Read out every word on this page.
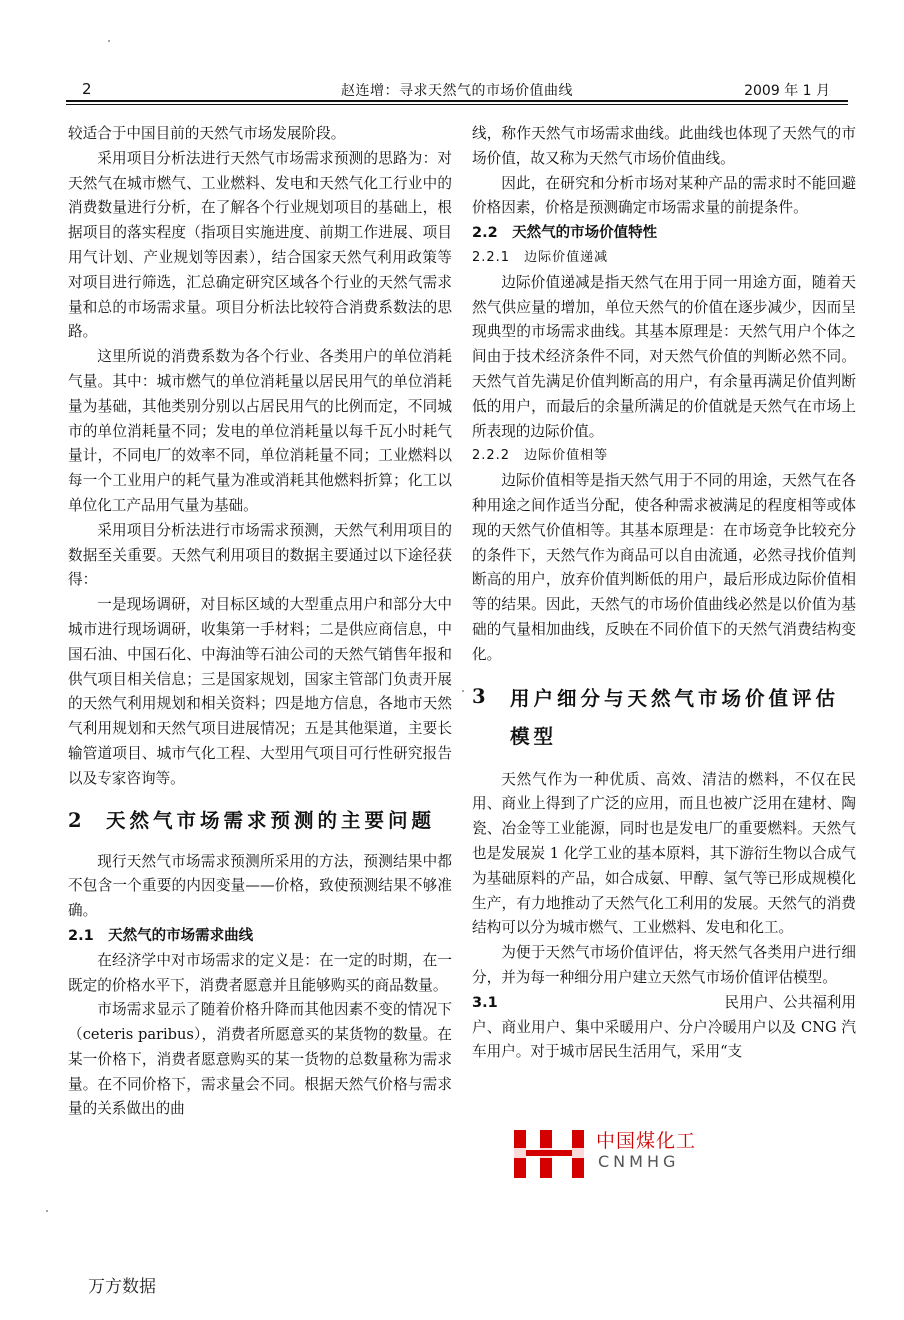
2	赵连增：寻求天然气的市场价值曲线	2009 年 1 月

较适合于中国目前的天然气市场发展阶段。

采用项目分析法进行天然气市场需求预测的思路为：对天然气在城市燃气、工业燃料、发电和天然气化工行业中的消费数量进行分析，在了解各个行业规划项目的基础上，根据项目的落实程度（指项目实施进度、前期工作进展、项目用气计划、产业规划等因素），结合国家天然气利用政策等对项目进行筛选，汇总确定研究区域各个行业的天然气需求量和总的市场需求量。项目分析法比较符合消费系数法的思路。

这里所说的消费系数为各个行业、各类用户的单位消耗气量。其中：城市燃气的单位消耗量以居民用气的单位消耗量为基础，其他类别分别以占居民用气的比例而定，不同城市的单位消耗量不同；发电的单位消耗量以每千瓦小时耗气量计，不同电厂的效率不同，单位消耗量不同；工业燃料以每一个工业用户的耗气量为准或消耗其他燃料折算；化工以单位化工产品用气量为基础。

采用项目分析法进行市场需求预测，天然气利用项目的数据至关重要。天然气利用项目的数据主要通过以下途径获得：

一是现场调研，对目标区域的大型重点用户和部分大中城市进行现场调研，收集第一手材料；二是供应商信息，中国石油、中国石化、中海油等石油公司的天然气销售年报和供气项目相关信息；三是国家规划，国家主管部门负责开展的天然气利用规划和相关资料；四是地方信息，各地市天然气利用规划和天然气项目进展情况；五是其他渠道，主要长输管道项目、城市气化工程、大型用气项目可行性研究报告以及专家咨询等。

2	天然气市场需求预测的主要问题

现行天然气市场需求预测所采用的方法，预测结果中都不包含一个重要的内因变量——价格，致使预测结果不够准确。

2.1　天然气的市场需求曲线

在经济学中对市场需求的定义是：在一定的时期，在一既定的价格水平下，消费者愿意并且能够购买的商品数量。

市场需求显示了随着价格升降而其他因素不变的情况下（ceteris paribus），消费者所愿意买的某货物的数量。在某一价格下，消费者愿意购买的某一货物的总数量称为需求量。在不同价格下，需求量会不同。根据天然气价格与需求量的关系做出的曲

线，称作天然气市场需求曲线。此曲线也体现了天然气的市场价值，故又称为天然气市场价值曲线。

因此，在研究和分析市场对某种产品的需求时不能回避价格因素，价格是预测确定市场需求量的前提条件。

2.2　天然气的市场价值特性
2.2.1　边际价值递减

边际价值递减是指天然气在用于同一用途方面，随着天然气供应量的增加，单位天然气的价值在逐步减少，因而呈现典型的市场需求曲线。其基本原理是：天然气用户个体之间由于技术经济条件不同，对天然气价值的判断必然不同。天然气首先满足价值判断高的用户，有余量再满足价值判断低的用户，而最后的余量所满足的价值就是天然气在市场上所表现的边际价值。

2.2.2　边际价值相等

边际价值相等是指天然气用于不同的用途，天然气在各种用途之间作适当分配，使各种需求被满足的程度相等或体现的天然气价值相等。其基本原理是：在市场竞争比较充分的条件下，天然气作为商品可以自由流通，必然寻找价值判断高的用户，放弃价值判断低的用户，最后形成边际价值相等的结果。因此，天然气的市场价值曲线必然是以价值为基础的气量相加曲线，反映在不同价值下的天然气消费结构变化。

3	用户细分与天然气市场价值评估模型

天然气作为一种优质、高效、清洁的燃料，不仅在民用、商业上得到了广泛的应用，而且也被广泛用在建材、陶瓷、冶金等工业能源，同时也是发电厂的重要燃料。天然气也是发展炭 1 化学工业的基本原料，其下游衍生物以合成气为基础原料的产品，如合成氨、甲醇、氢气等已形成规模化生产，有力地推动了天然气化工利用的发展。天然气的消费结构可以分为城市燃气、工业燃料、发电和化工。

为便于天然气市场价值评估，将天然气各类用户进行细分，并为每一种细分用户建立天然气市场价值评估模型。

3.1	民用户、公共福利用

户、商业用户、集中采暖用户、分户冷暖用户以及 CNG 汽车用户。对于城市居民生活用气，采用“支

中国煤化工
CNMHG
万方数据
